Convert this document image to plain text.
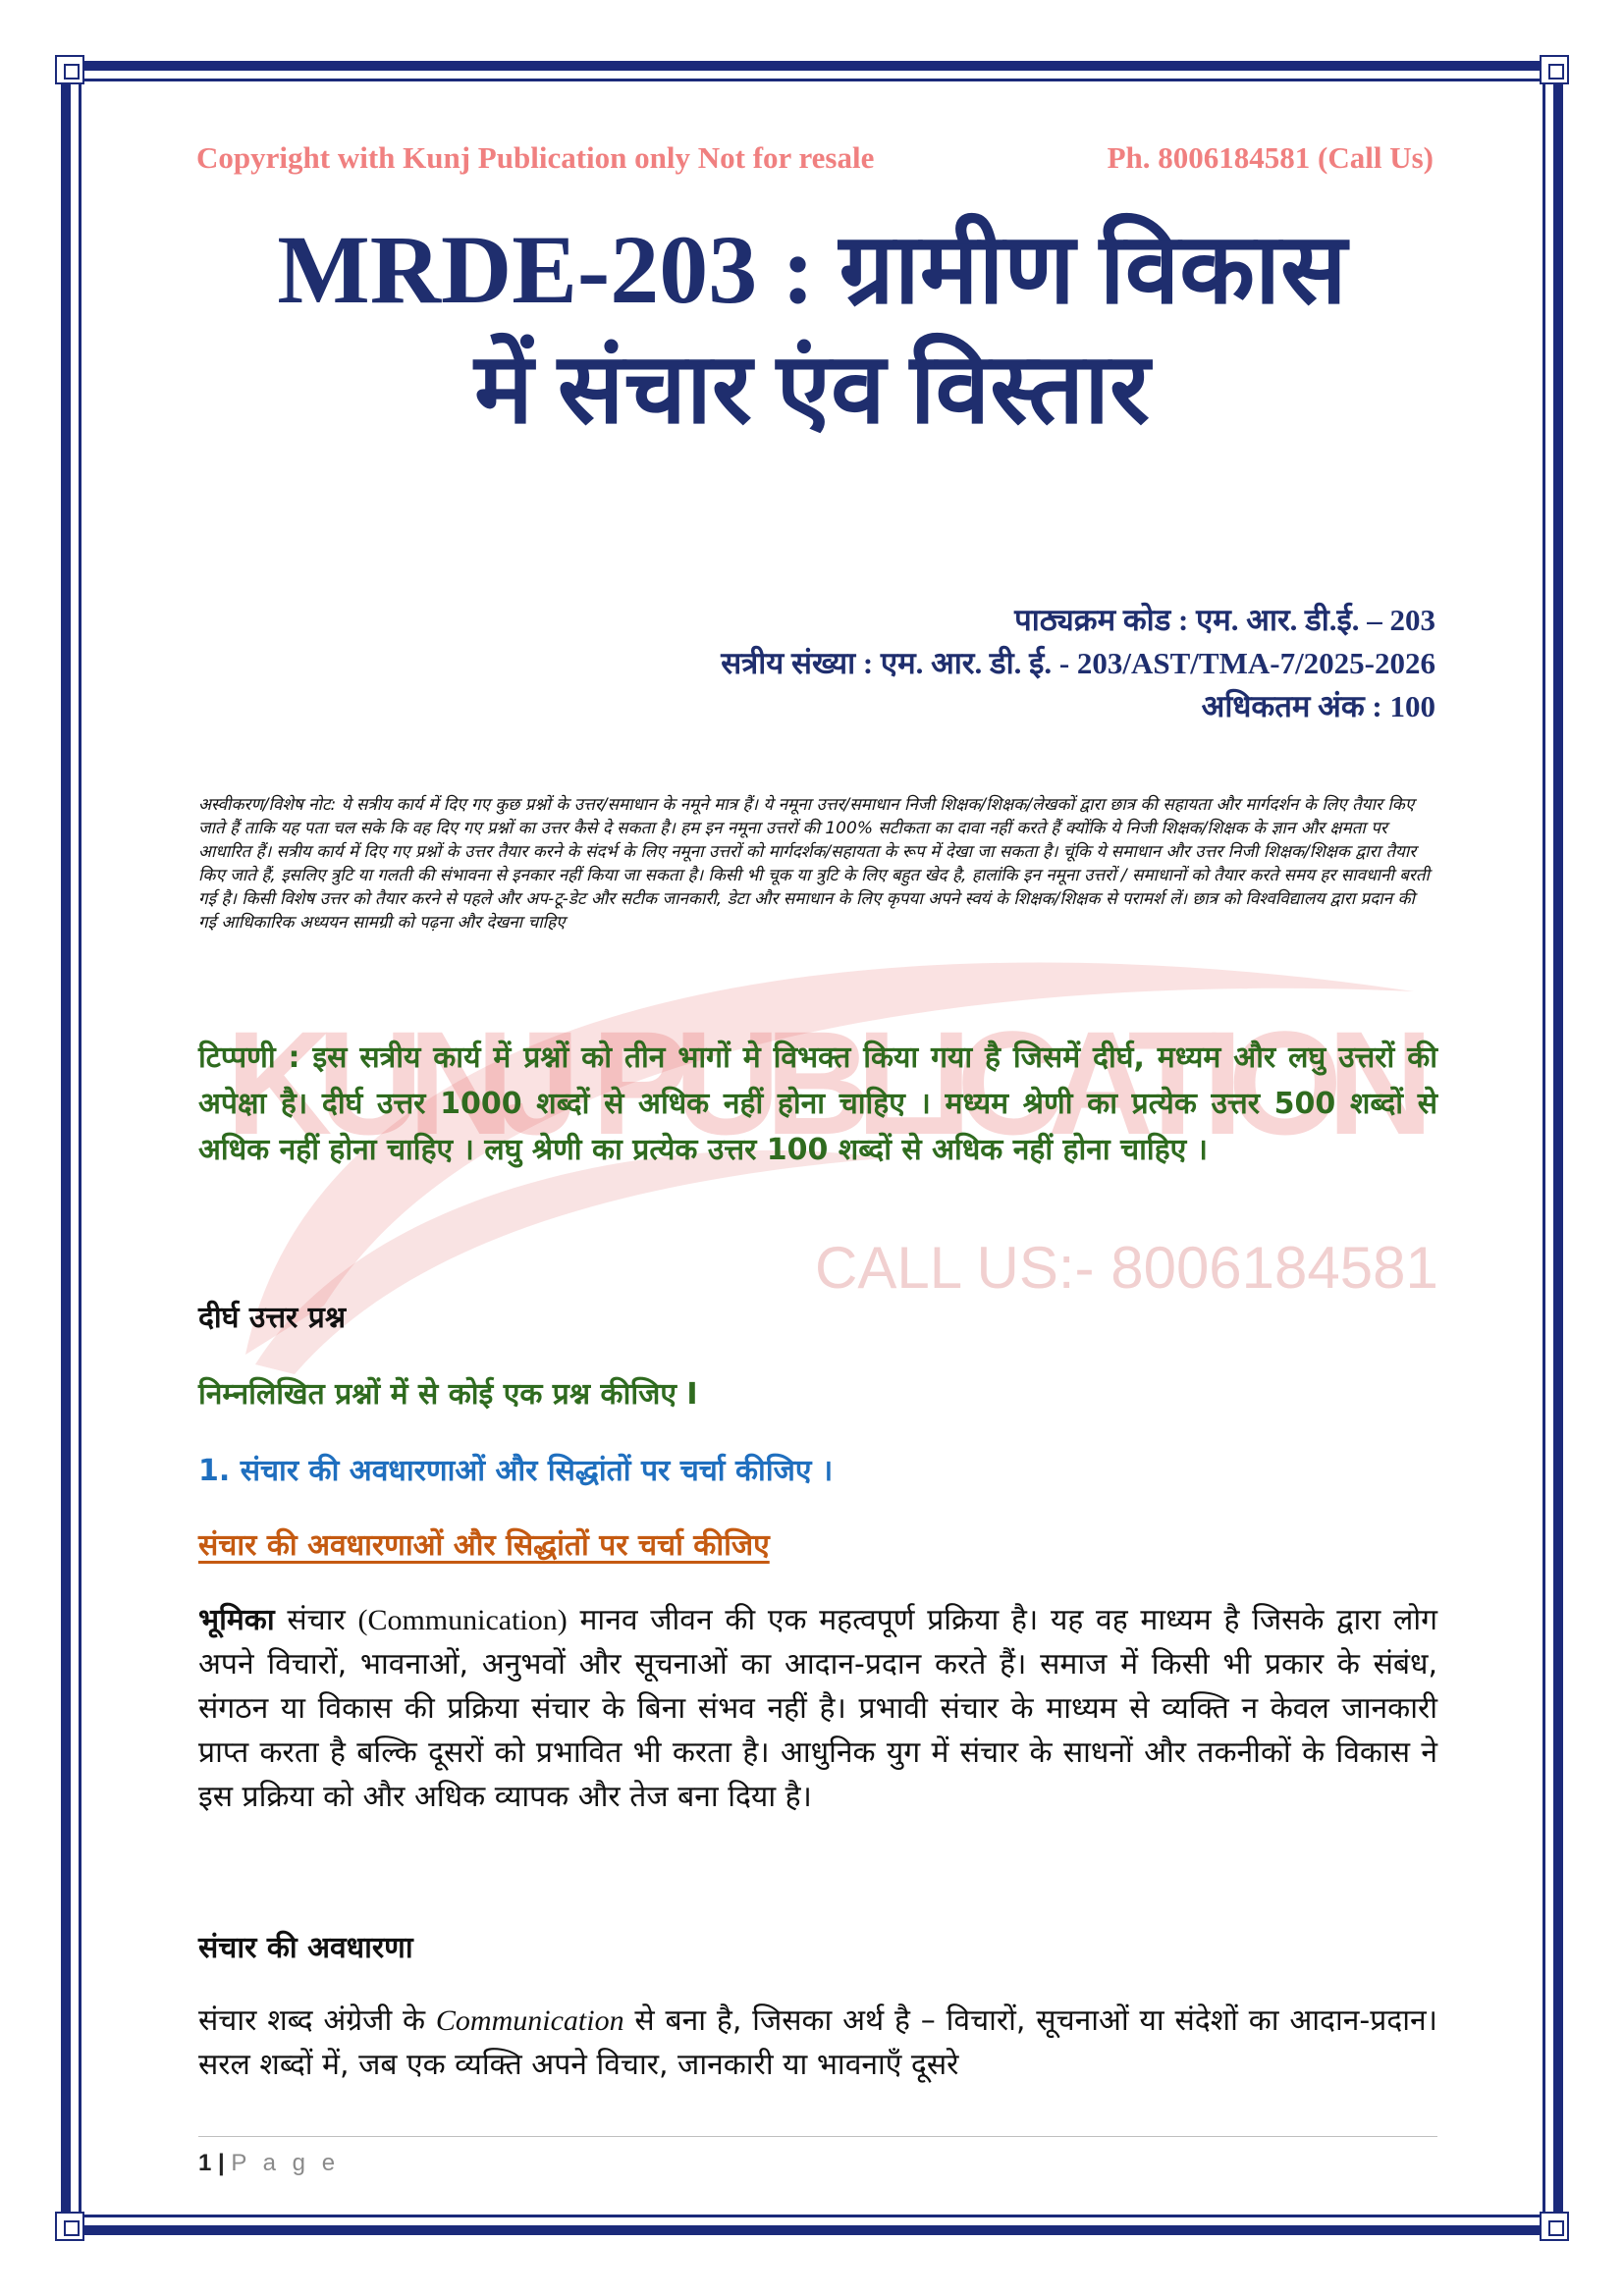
KUNJ PUBLICATION
CALL US:- 8006184581
Copyright with Kunj Publication only Not for resale	Ph. 8006184581 (Call Us)
MRDE-203 : ग्रामीण विकास
में संचार एंव विस्तार
पाठ्यक्रम कोड : एम. आर. डी.ई. – 203
सत्रीय संख्या : एम. आर. डी. ई. - 203/AST/TMA-7/2025-2026
अधिकतम अंक : 100
अस्वीकरण/विशेष नोट: ये सत्रीय कार्य में दिए गए कुछ प्रश्नों के उत्तर/समाधान के नमूने मात्र हैं। ये नमूना उत्तर/समाधान निजी शिक्षक/शिक्षक/लेखकों द्वारा छात्र की सहायता और मार्गदर्शन के लिए तैयार किए जाते हैं ताकि यह पता चल सके कि वह दिए गए प्रश्नों का उत्तर कैसे दे सकता है। हम इन नमूना उत्तरों की 100% सटीकता का दावा नहीं करते हैं क्योंकि ये निजी शिक्षक/शिक्षक के ज्ञान और क्षमता पर आधारित हैं। सत्रीय कार्य में दिए गए प्रश्नों के उत्तर तैयार करने के संदर्भ के लिए नमूना उत्तरों को मार्गदर्शक/सहायता के रूप में देखा जा सकता है। चूंकि ये समाधान और उत्तर निजी शिक्षक/शिक्षक द्वारा तैयार किए जाते हैं, इसलिए त्रुटि या गलती की संभावना से इनकार नहीं किया जा सकता है। किसी भी चूक या त्रुटि के लिए बहुत खेद है, हालांकि इन नमूना उत्तरों / समाधानों को तैयार करते समय हर सावधानी बरती गई है। किसी विशेष उत्तर को तैयार करने से पहले और अप-टू-डेट और सटीक जानकारी, डेटा और समाधान के लिए कृपया अपने स्वयं के शिक्षक/शिक्षक से परामर्श लें। छात्र को विश्वविद्यालय द्वारा प्रदान की गई आधिकारिक अध्ययन सामग्री को पढ़ना और देखना चाहिए
टिप्पणी : इस सत्रीय कार्य में प्रश्नों को तीन भागों मे विभक्त किया गया है जिसमें दीर्घ, मध्यम और लघु उत्तरों की अपेक्षा है। दीर्घ उत्तर 1000 शब्दों से अधिक नहीं होना चाहिए । मध्यम श्रेणी का प्रत्येक उत्तर 500 शब्दों से अधिक नहीं होना चाहिए । लघु श्रेणी का प्रत्येक उत्तर 100 शब्दों से अधिक नहीं होना चाहिए ।
दीर्घ उत्तर प्रश्न
निम्नलिखित प्रश्नों में से कोई एक प्रश्न कीजिए I
1. संचार की अवधारणाओं और सिद्धांतों पर चर्चा कीजिए ।
संचार की अवधारणाओं और सिद्धांतों पर चर्चा कीजिए
भूमिका संचार (Communication) मानव जीवन की एक महत्वपूर्ण प्रक्रिया है। यह वह माध्यम है जिसके द्वारा लोग अपने विचारों, भावनाओं, अनुभवों और सूचनाओं का आदान-प्रदान करते हैं। समाज में किसी भी प्रकार के संबंध, संगठन या विकास की प्रक्रिया संचार के बिना संभव नहीं है। प्रभावी संचार के माध्यम से व्यक्ति न केवल जानकारी प्राप्त करता है बल्कि दूसरों को प्रभावित भी करता है। आधुनिक युग में संचार के साधनों और तकनीकों के विकास ने इस प्रक्रिया को और अधिक व्यापक और तेज बना दिया है।
संचार की अवधारणा
संचार शब्द अंग्रेजी के Communication से बना है, जिसका अर्थ है – विचारों, सूचनाओं या संदेशों का आदान-प्रदान। सरल शब्दों में, जब एक व्यक्ति अपने विचार, जानकारी या भावनाएँ दूसरे
1 | P a g e
